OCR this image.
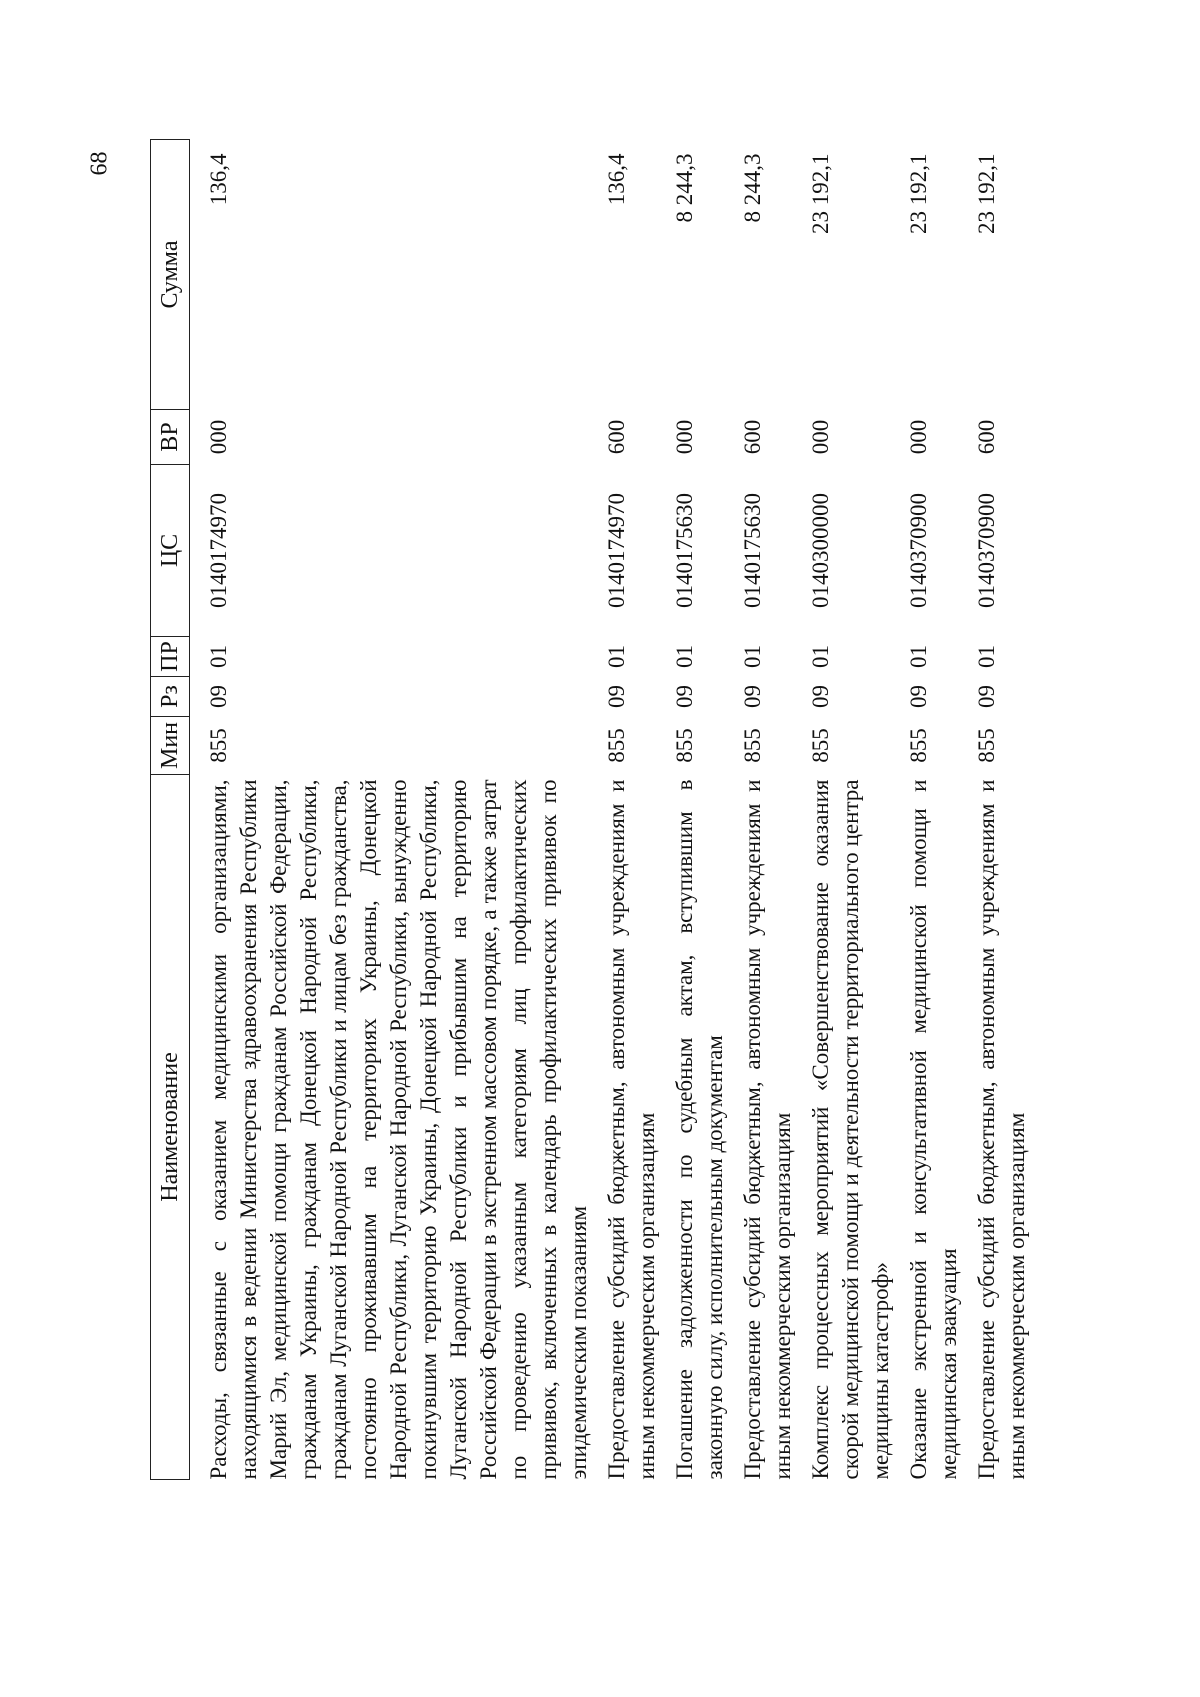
68
Наименование	Мин	Рз	ПР	ЦС	ВР	Сумма
Расходы, связанные с оказанием медицинскими организациями, находящимися в ведении Министерства здравоохранения Республики Марий Эл, медицинской помощи гражданам Российской Федерации, гражданам Украины, гражданам Донецкой Народной Республики, гражданам Луганской Народной Республики и лицам без гражданства, постоянно проживавшим на территориях Украины, Донецкой Народной Республики, Луганской Народной Республики, вынужденно покинувшим территорию Украины, Донецкой Народной Республики, Луганской Народной Республики и прибывшим на территорию Российской Федерации в экстренном массовом порядке, а также затрат по проведению указанным категориям лиц профилактических прививок, включенных в календарь профилактических прививок по эпидемическим показаниям	855	09	01	0140174970	000	136,4
Предоставление субсидий бюджетным, автономным учреждениям и иным некоммерческим организациям	855	09	01	0140174970	600	136,4
Погашение задолженности по судебным актам, вступившим в законную силу, исполнительным документам	855	09	01	0140175630	000	8 244,3
Предоставление субсидий бюджетным, автономным учреждениям и иным некоммерческим организациям	855	09	01	0140175630	600	8 244,3
Комплекс процессных мероприятий «Совершенствование оказания скорой медицинской помощи и деятельности территориального центра медицины катастроф»	855	09	01	0140300000	000	23 192,1
Оказание экстренной и консультативной медицинской помощи и медицинская эвакуация	855	09	01	0140370900	000	23 192,1
Предоставление субсидий бюджетным, автономным учреждениям и иным некоммерческим организациям	855	09	01	0140370900	600	23 192,1
